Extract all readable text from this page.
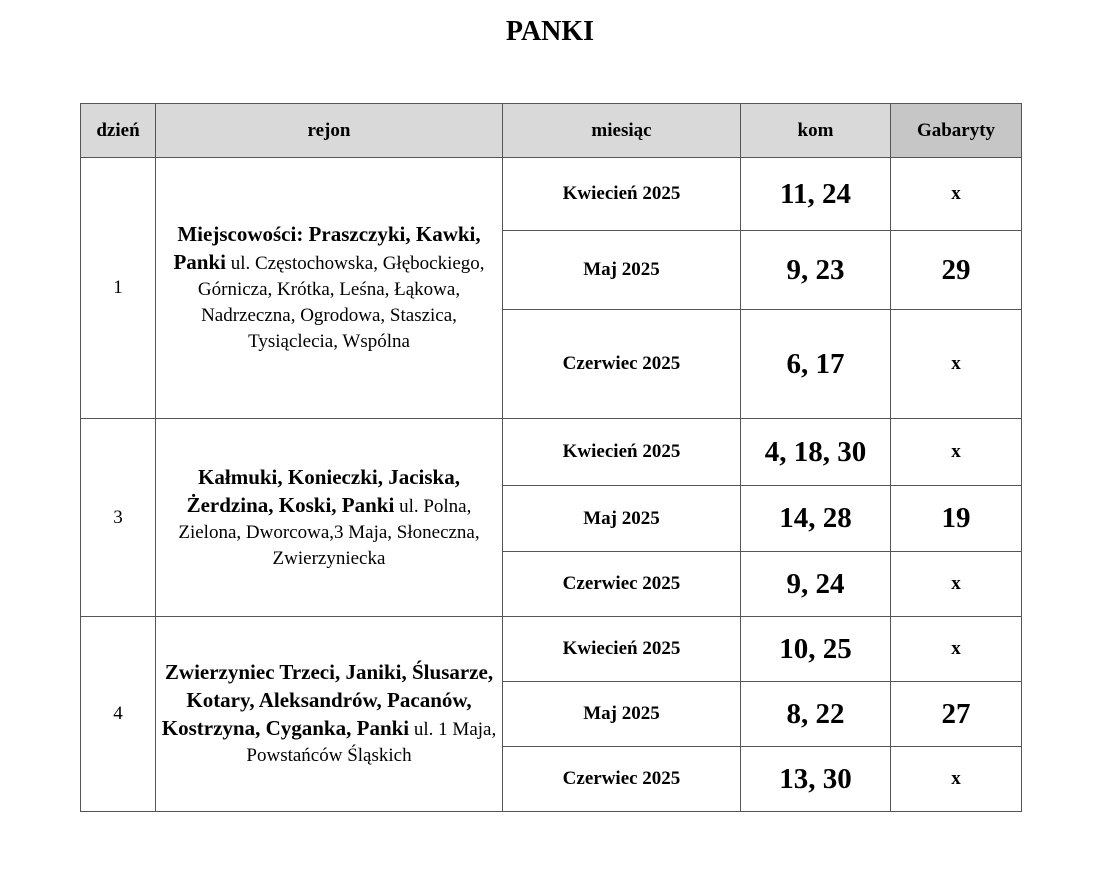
PANKI
dzień	rejon	miesiąc	kom	Gabaryty
1	Miejscowości: Praszczyki, Kawki, Panki ul. Częstochowska, Głębockiego, Górnicza, Krótka, Leśna, Łąkowa, Nadrzeczna, Ogrodowa, Staszica, Tysiąclecia, Wspólna	Kwiecień 2025	11, 24	x
		Maj 2025	9, 23	29
		Czerwiec 2025	6, 17	x
3	Kałmuki, Konieczki, Jaciska, Żerdzina, Koski, Panki ul. Polna, Zielona, Dworcowa,3 Maja, Słoneczna, Zwierzyniecka	Kwiecień 2025	4, 18, 30	x
		Maj 2025	14, 28	19
		Czerwiec 2025	9, 24	x
4	Zwierzyniec Trzeci, Janiki, Ślusarze, Kotary, Aleksandrów, Pacanów, Kostrzyna, Cyganka, Panki ul. 1 Maja, Powstańców Śląskich	Kwiecień 2025	10, 25	x
		Maj 2025	8, 22	27
		Czerwiec 2025	13, 30	x
